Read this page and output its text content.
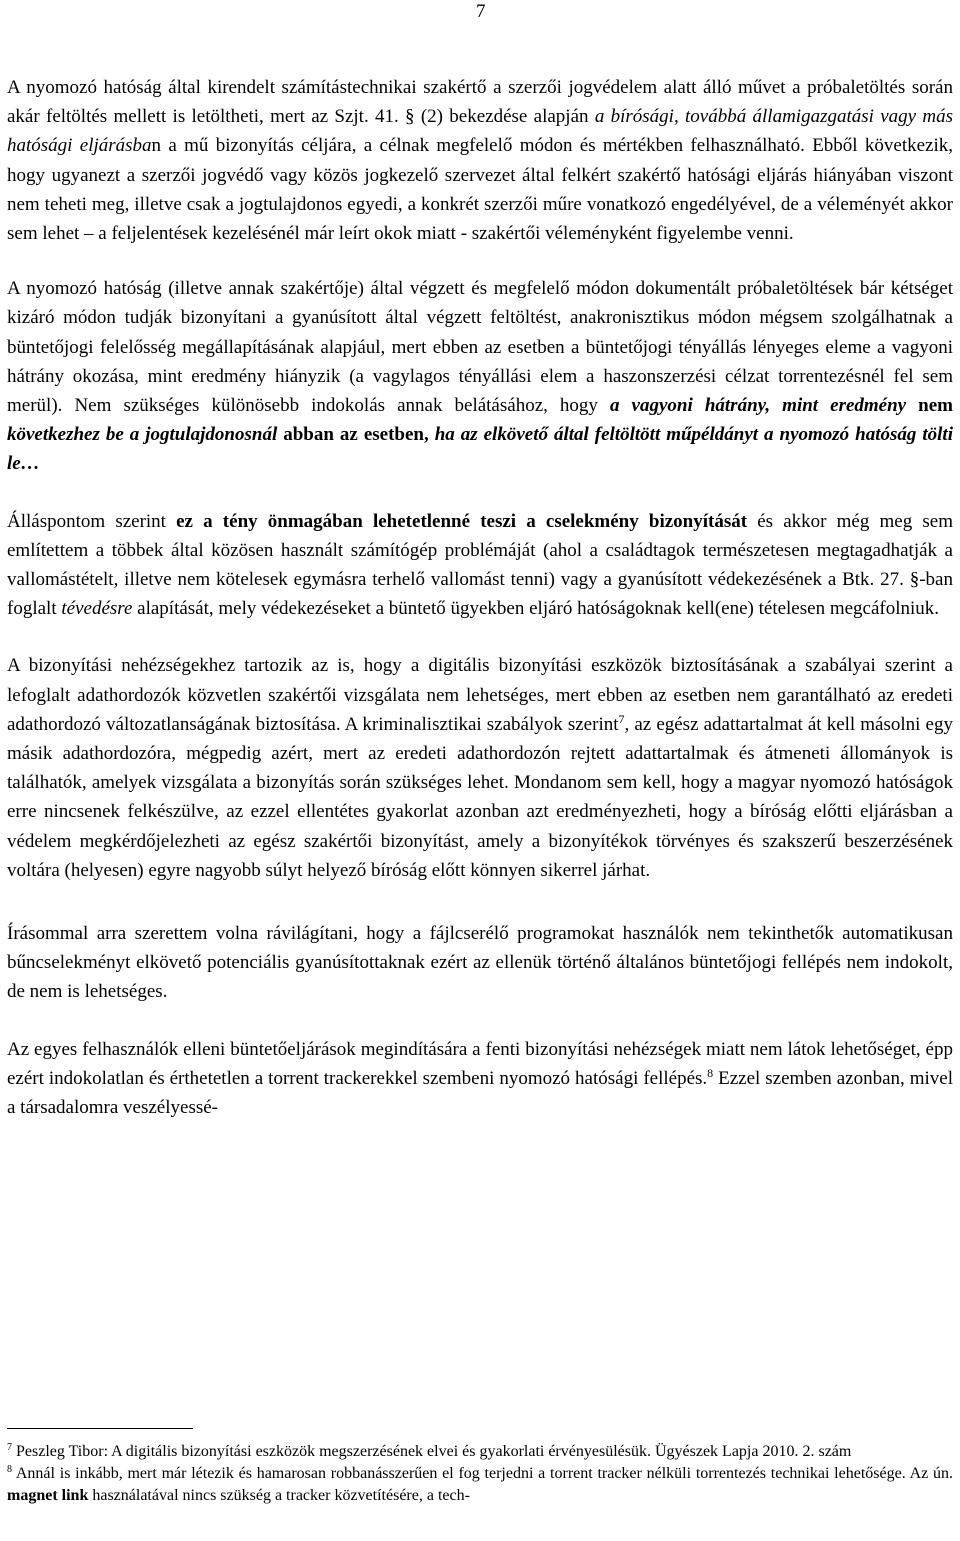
7

A nyomozó hatóság által kirendelt számítástechnikai szakértő a szerzői jogvédelem alatt álló művet a próbaletöltés során akár feltöltés mellett is letöltheti, mert az Szjt. 41. § (2) bekezdése alapján a bírósági, továbbá államigazgatási vagy más hatósági eljárásban a mű bizonyítás céljára, a célnak megfelelő módon és mértékben felhasználható. Ebből következik, hogy ugyanezt a szerzői jogvédő vagy közös jogkezelő szervezet által felkért szakértő hatósági eljárás hiányában viszont nem teheti meg, illetve csak a jogtulajdonos egyedi, a konkrét szerzői műre vonatkozó engedélyével, de a véleményét akkor sem lehet – a feljelentések kezelésénél már leírt okok miatt - szakértői véleményként figyelembe venni.

A nyomozó hatóság (illetve annak szakértője) által végzett és megfelelő módon dokumentált próbaletöltések bár kétséget kizáró módon tudják bizonyítani a gyanúsított által végzett feltöltést, anakronisztikus módon mégsem szolgálhatnak a büntetőjogi felelősség megállapításának alapjául, mert ebben az esetben a büntetőjogi tényállás lényeges eleme a vagyoni hátrány okozása, mint eredmény hiányzik (a vagylagos tényállási elem a haszonszerzési célzat torrentezésnél fel sem merül). Nem szükséges különösebb indokolás annak belátásához, hogy a vagyoni hátrány, mint eredmény nem következhez be a jogtulajdonosnál abban az esetben, ha az elkövető által feltöltött műpéldányt a nyomozó hatóság tölti le…

Álláspontom szerint ez a tény önmagában lehetetlenné teszi a cselekmény bizonyítását és akkor még meg sem említettem a többek által közösen használt számítógép problémáját (ahol a családtagok természetesen megtagadhatják a vallomástételt, illetve nem kötelesek egymásra terhelő vallomást tenni) vagy a gyanúsított védekezésének a Btk. 27. §-ban foglalt tévedésre alapítását, mely védekezéseket a büntető ügyekben eljáró hatóságoknak kell(ene) tételesen megcáfolniuk.

A bizonyítási nehézségekhez tartozik az is, hogy a digitális bizonyítási eszközök biztosításának a szabályai szerint a lefoglalt adathordozók közvetlen szakértői vizsgálata nem lehetséges, mert ebben az esetben nem garantálható az eredeti adathordozó változatlanságának biztosítása. A kriminalisztikai szabályok szerint$^7$, az egész adattartalmat át kell másolni egy másik adathordozóra, mégpedig azért, mert az eredeti adathordozón rejtett adattartalmak és átmeneti állományok is találhatók, amelyek vizsgálata a bizonyítás során szükséges lehet. Mondanom sem kell, hogy a magyar nyomozó hatóságok erre nincsenek felkészülve, az ezzel ellentétes gyakorlat azonban azt eredményezheti, hogy a bíróság előtti eljárásban a védelem megkérdőjelezheti az egész szakértői bizonyítást, amely a bizonyítékok törvényes és szakszerű beszerzésének voltára (helyesen) egyre nagyobb súlyt helyező bíróság előtt könnyen sikerrel járhat.

Írásommal arra szerettem volna rávilágítani, hogy a fájlcserélő programokat használók nem tekinthetők automatikusan bűncselekményt elkövető potenciális gyanúsítottaknak ezért az ellenük történő általános büntetőjogi fellépés nem indokolt, de nem is lehetséges.

Az egyes felhasználók elleni büntetőeljárások megindítására a fenti bizonyítási nehézségek miatt nem látok lehetőséget, épp ezért indokolatlan és érthetetlen a torrent trackerekkel szembeni nyomozó hatósági fellépés.$^8$ Ezzel szemben azonban, mivel a társadalomra veszélyessé-

$^7$ Peszleg Tibor: A digitális bizonyítási eszközök megszerzésének elvei és gyakorlati érvényesülésük. Ügyészek Lapja 2010. 2. szám

$^8$ Annál is inkább, mert már létezik és hamarosan robbanásszerűen el fog terjedni a torrent tracker nélküli torrentezés technikai lehetősége. Az ún. magnet link használatával nincs szükség a tracker közvetítésére, a tech-
